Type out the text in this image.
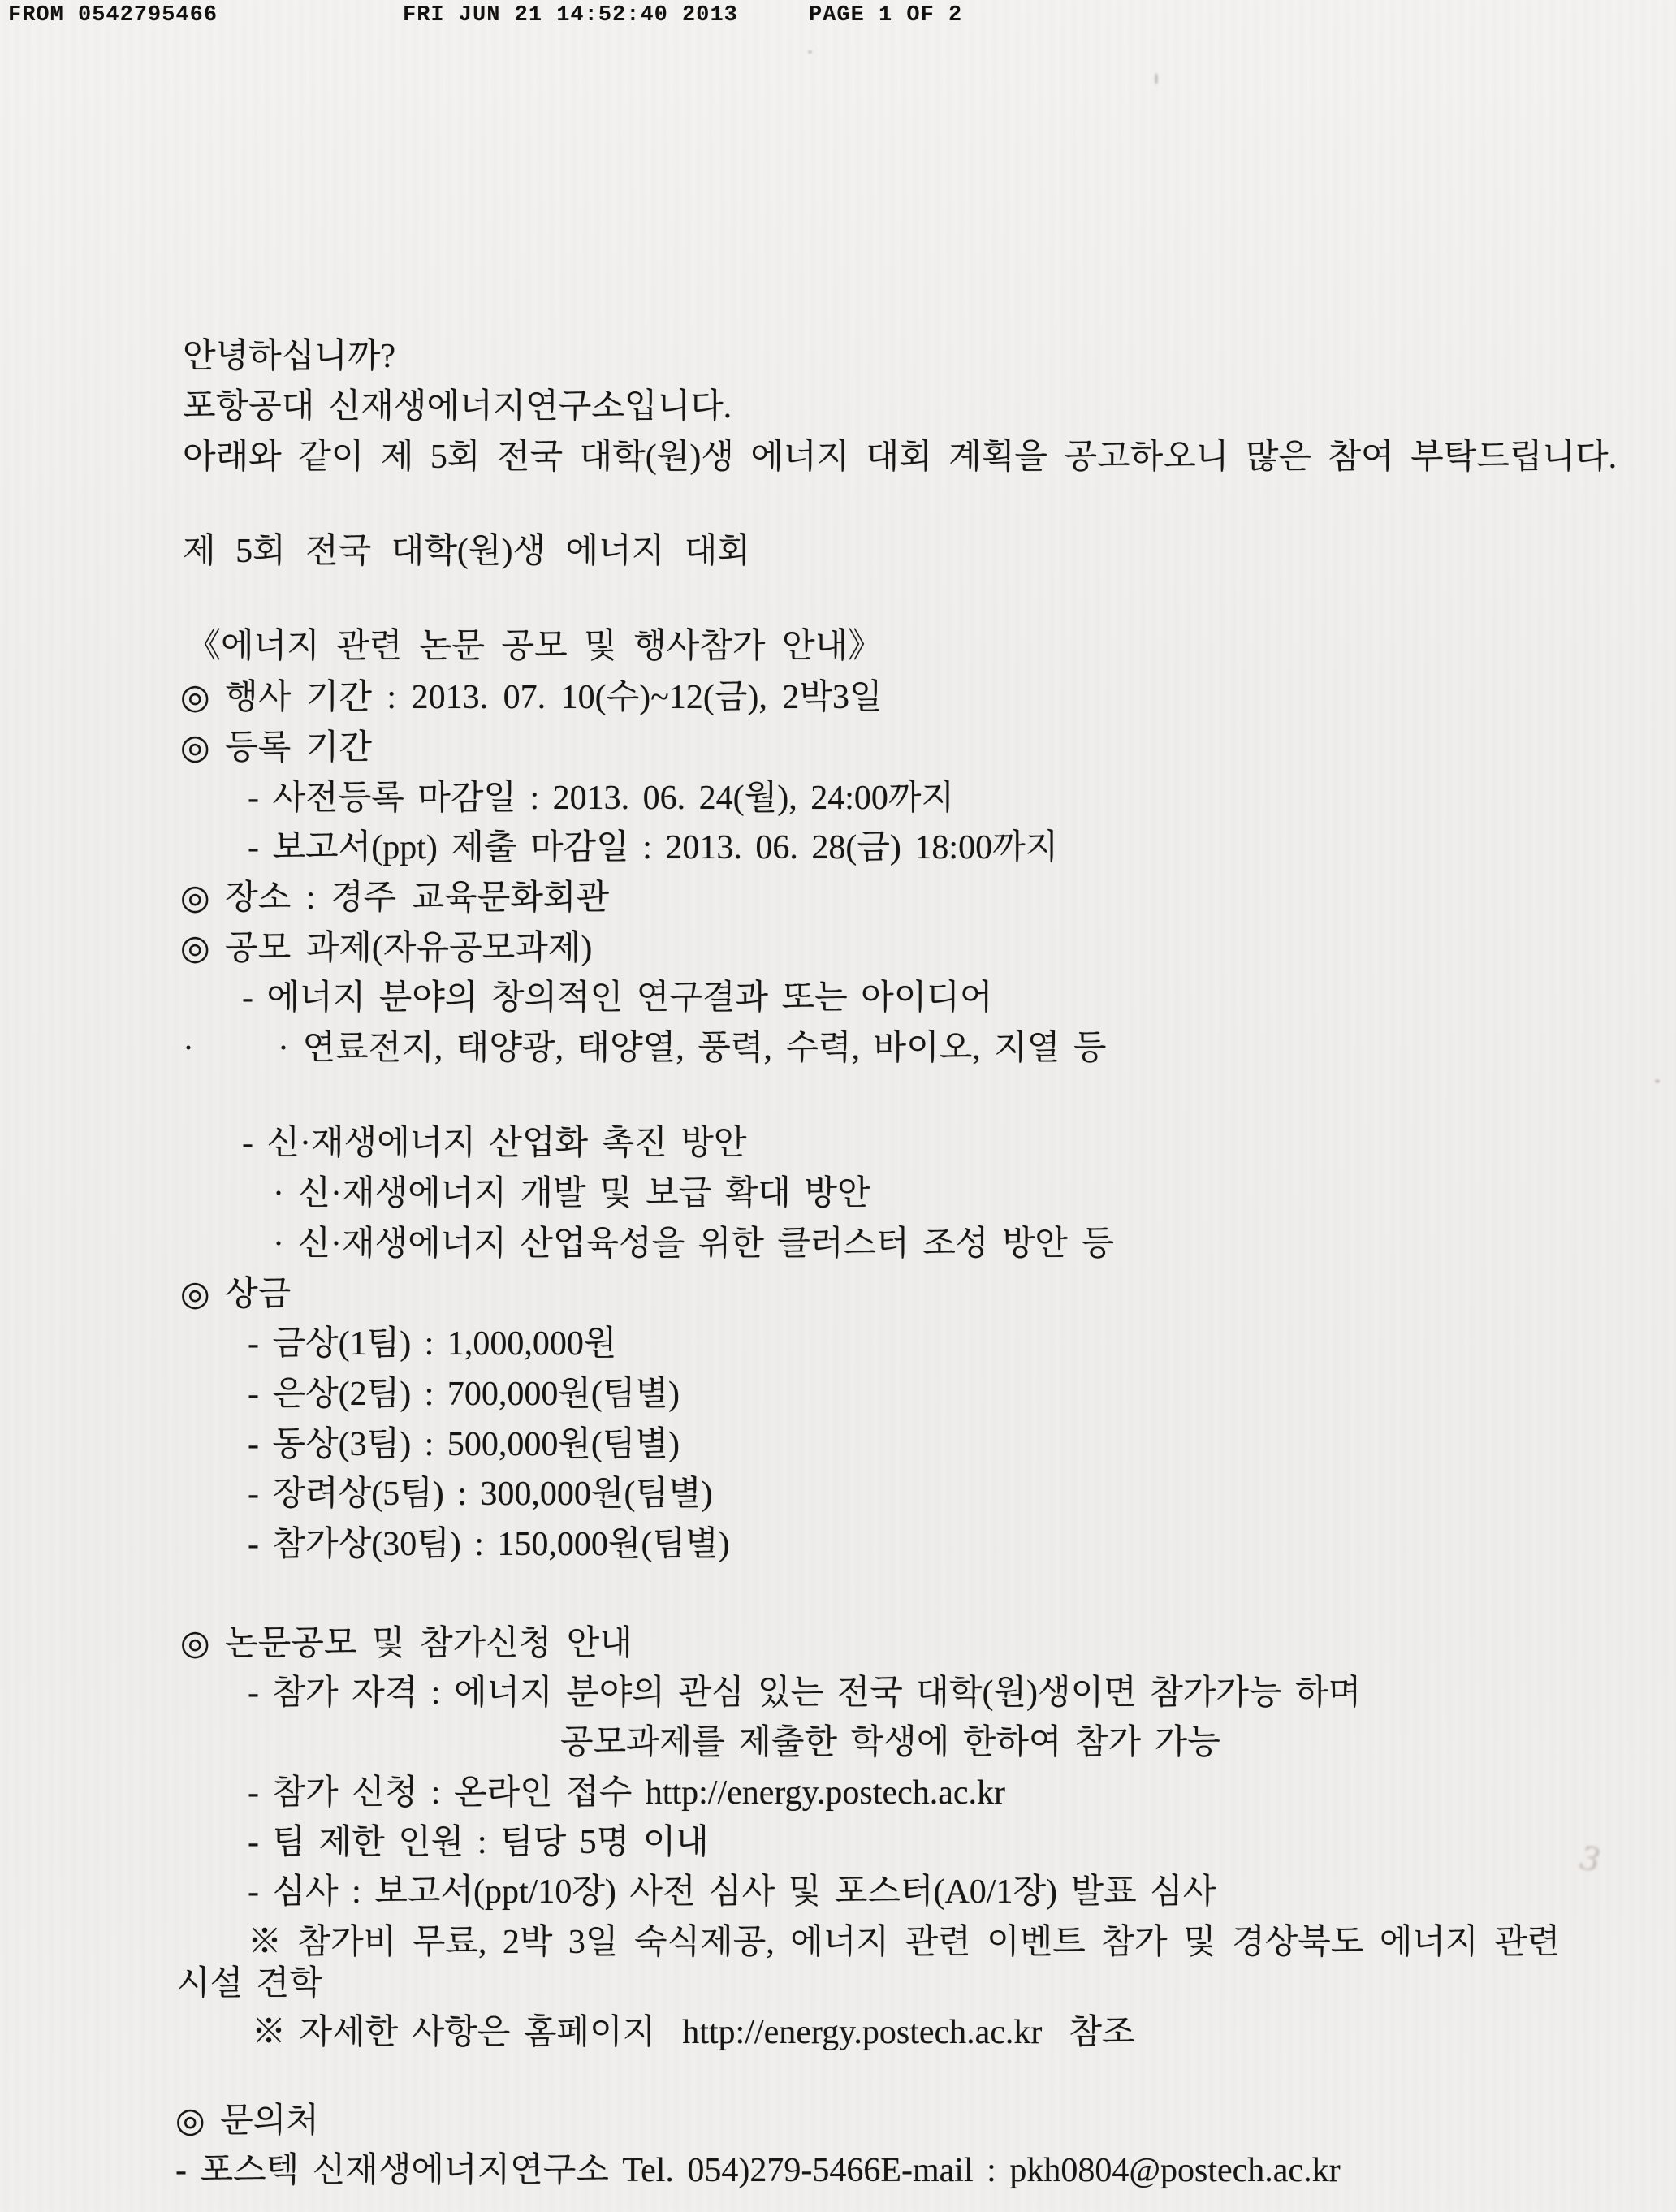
FROM 0542795466

	FRI JUN 21 14:52:40 2013

	PAGE 1 OF 2

안녕하십니까?
포항공대 신재생에너지연구소입니다.
아래와 같이 제 5회 전국 대학(원)생 에너지 대회 계획을 공고하오니 많은 참여 부탁드립니다.
제 5회 전국 대학(원)생 에너지 대회
《에너지 관련 논문 공모 및 행사참가 안내》
◎ 행사 기간 : 2013. 07. 10(수)~12(금), 2박3일
◎ 등록 기간
- 사전등록 마감일 : 2013. 06. 24(월), 24:00까지
- 보고서(ppt) 제출 마감일 : 2013. 06. 28(금) 18:00까지
◎ 장소 : 경주 교육문화회관
◎ 공모 과제(자유공모과제)
- 에너지 분야의 창의적인 연구결과 또는 아이디어
· · 연료전지, 태양광, 태양열, 풍력, 수력, 바이오, 지열 등
- 신·재생에너지 산업화 촉진 방안
· 신·재생에너지 개발 및 보급 확대 방안
· 신·재생에너지 산업육성을 위한 클러스터 조성 방안 등
◎ 상금
- 금상(1팀) : 1,000,000원
- 은상(2팀) : 700,000원(팀별)
- 동상(3팀) : 500,000원(팀별)
- 장려상(5팀) : 300,000원(팀별)
- 참가상(30팀) : 150,000원(팀별)
◎ 논문공모 및 참가신청 안내
- 참가 자격 : 에너지 분야의 관심 있는 전국 대학(원)생이면 참가가능 하며
공모과제를 제출한 학생에 한하여 참가 가능
- 참가 신청 : 온라인 접수 http://energy.postech.ac.kr
- 팀 제한 인원 : 팀당 5명 이내
- 심사 : 보고서(ppt/10장) 사전 심사 및 포스터(A0/1장) 발표 심사
※ 참가비 무료, 2박 3일 숙식제공, 에너지 관련 이벤트 참가 및 경상북도 에너지 관련
시설 견학
※ 자세한 사항은 홈페이지  http://energy.postech.ac.kr  참조
◎ 문의처
- 포스텍 신재생에너지연구소 Tel. 054)279-5466E-mail : pkh0804@postech.ac.kr
3
